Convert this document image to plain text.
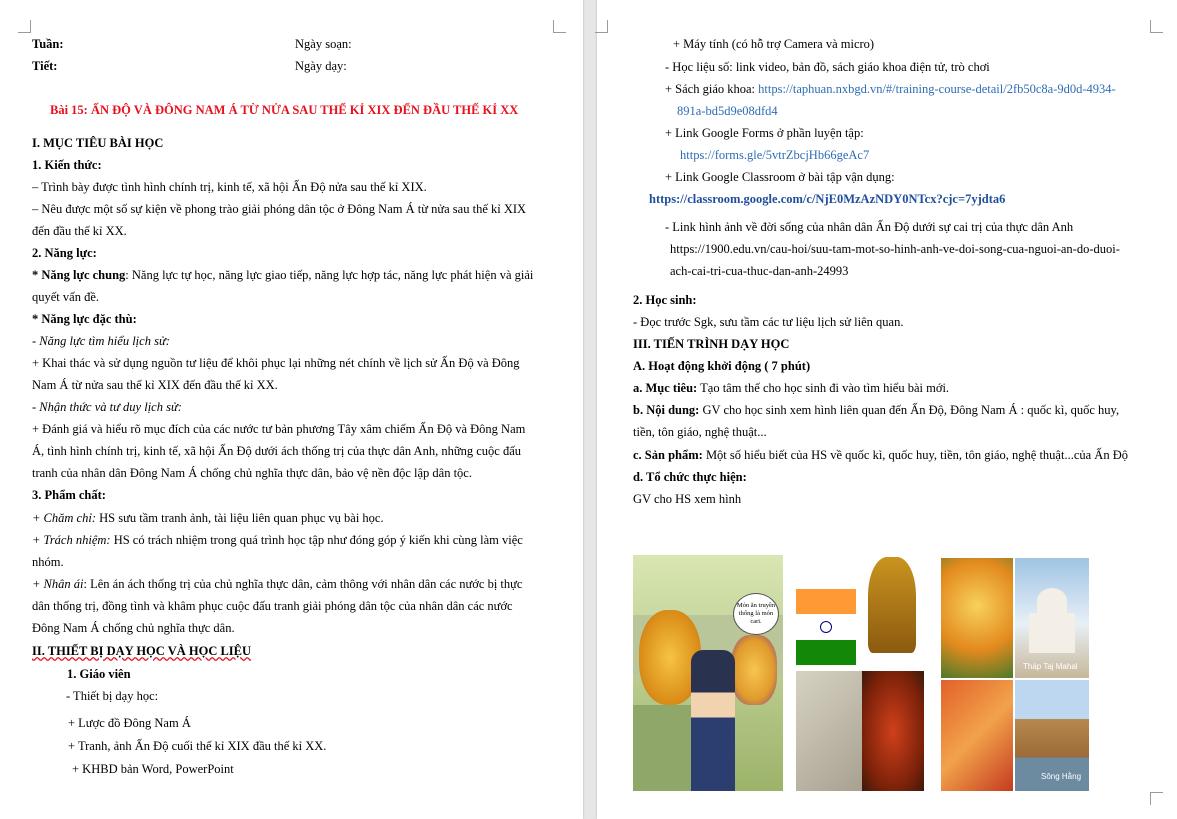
Tuần:	Ngày soạn:
Tiết:	Ngày dạy:
Bài 15: ẤN ĐỘ VÀ ĐÔNG NAM Á TỪ NỬA SAU THẾ KỈ XIX ĐẾN ĐẦU THẾ KỈ XX
I. MỤC TIÊU BÀI HỌC
1. Kiến thức:
– Trình bày được tình hình chính trị, kinh tế, xã hội Ấn Độ nửa sau thế kỉ XIX.
– Nêu được một số sự kiện về phong trào giải phóng dân tộc ở Đông Nam Á từ nửa sau thế kỉ XIX
đến đầu thế kỉ XX.
2. Năng lực:
* Năng lực chung: Năng lực tự học, năng lực giao tiếp, năng lực hợp tác, năng lực phát hiện và giải
quyết vấn đề.
* Năng lực đặc thù:
- Năng lực tìm hiểu lịch sử:
+ Khai thác và sử dụng nguồn tư liệu để khôi phục lại những nét chính về lịch sử Ấn Độ và Đông
Nam Á từ nửa sau thế kỉ XIX đến đầu thế kỉ XX.
- Nhận thức và tư duy lịch sử:
+ Đánh giá và hiểu rõ mục đích của các nước tư bản phương Tây xâm chiếm Ấn Độ và Đông Nam
Á, tình hình chính trị, kinh tế, xã hội Ấn Độ dưới ách thống trị của thực dân Anh, những cuộc đấu
tranh của nhân dân Đông Nam Á chống chủ nghĩa thực dân, bảo vệ nền độc lập dân tộc.
3. Phẩm chất:
+ Chăm chỉ: HS sưu tầm tranh ảnh, tài liệu liên quan phục vụ bài học.
+ Trách nhiệm: HS có trách nhiệm trong quá trình học tập như đóng góp ý kiến khi cùng làm việc
nhóm.
+ Nhân ái: Lên án ách thống trị của chủ nghĩa thực dân, cảm thông với nhân dân các nước bị thực
dân thống trị, đồng tình và khâm phục cuộc đấu tranh giải phóng dân tộc của nhân dân các nước
Đông Nam Á chống chủ nghĩa thực dân.
II. THIẾT BỊ DẠY HỌC VÀ HỌC LIỆU
1. Giáo viên
- Thiết bị dạy học:
+ Lược đồ Đông Nam Á
+ Tranh, ảnh Ấn Độ cuối thế kỉ XIX đầu thế kỉ XX.
+ KHBD bản Word, PowerPoint
+ Máy tính (có hỗ trợ Camera và micro)
- Học liệu số: link video, bản đồ, sách giáo khoa điện tử, trò chơi
+ Sách giáo khoa: https://taphuan.nxbgd.vn/#/training-course-detail/2fb50c8a-9d0d-4934-
891a-bd5d9e08dfd4
+ Link Google Forms ở phần luyện tập:
https://forms.gle/5vtrZbcjHb66geAc7
+ Link Google Classroom ở bài tập vận dụng:
https://classroom.google.com/c/NjE0MzAzNDY0NTcx?cjc=7yjdta6
- Link hình ảnh về đời sống của nhân dân Ấn Độ dưới sự cai trị của thực dân Anh
https://1900.edu.vn/cau-hoi/suu-tam-mot-so-hinh-anh-ve-doi-song-cua-nguoi-an-do-duoi-
ach-cai-tri-cua-thuc-dan-anh-24993
2. Học sinh:
- Đọc trước Sgk, sưu tầm các tư liệu lịch sử liên quan.
III. TIẾN TRÌNH DẠY HỌC
A. Hoạt động khởi động ( 7 phút)
a. Mục tiêu: Tạo tâm thế cho học sinh đi vào tìm hiểu bài mới.
b. Nội dung: GV cho học sinh xem hình liên quan đến Ấn Độ, Đông Nam Á : quốc kì, quốc huy,
tiền, tôn giáo, nghệ thuật...
c. Sản phẩm: Một số hiểu biết của HS về quốc kì, quốc huy, tiền, tôn giáo, nghệ thuật...của Ấn Độ
d. Tổ chức thực hiện:
GV cho HS xem hình
Món ăn truyền thống là món cari.
Tháp Taj Mahal
Sông Hằng
